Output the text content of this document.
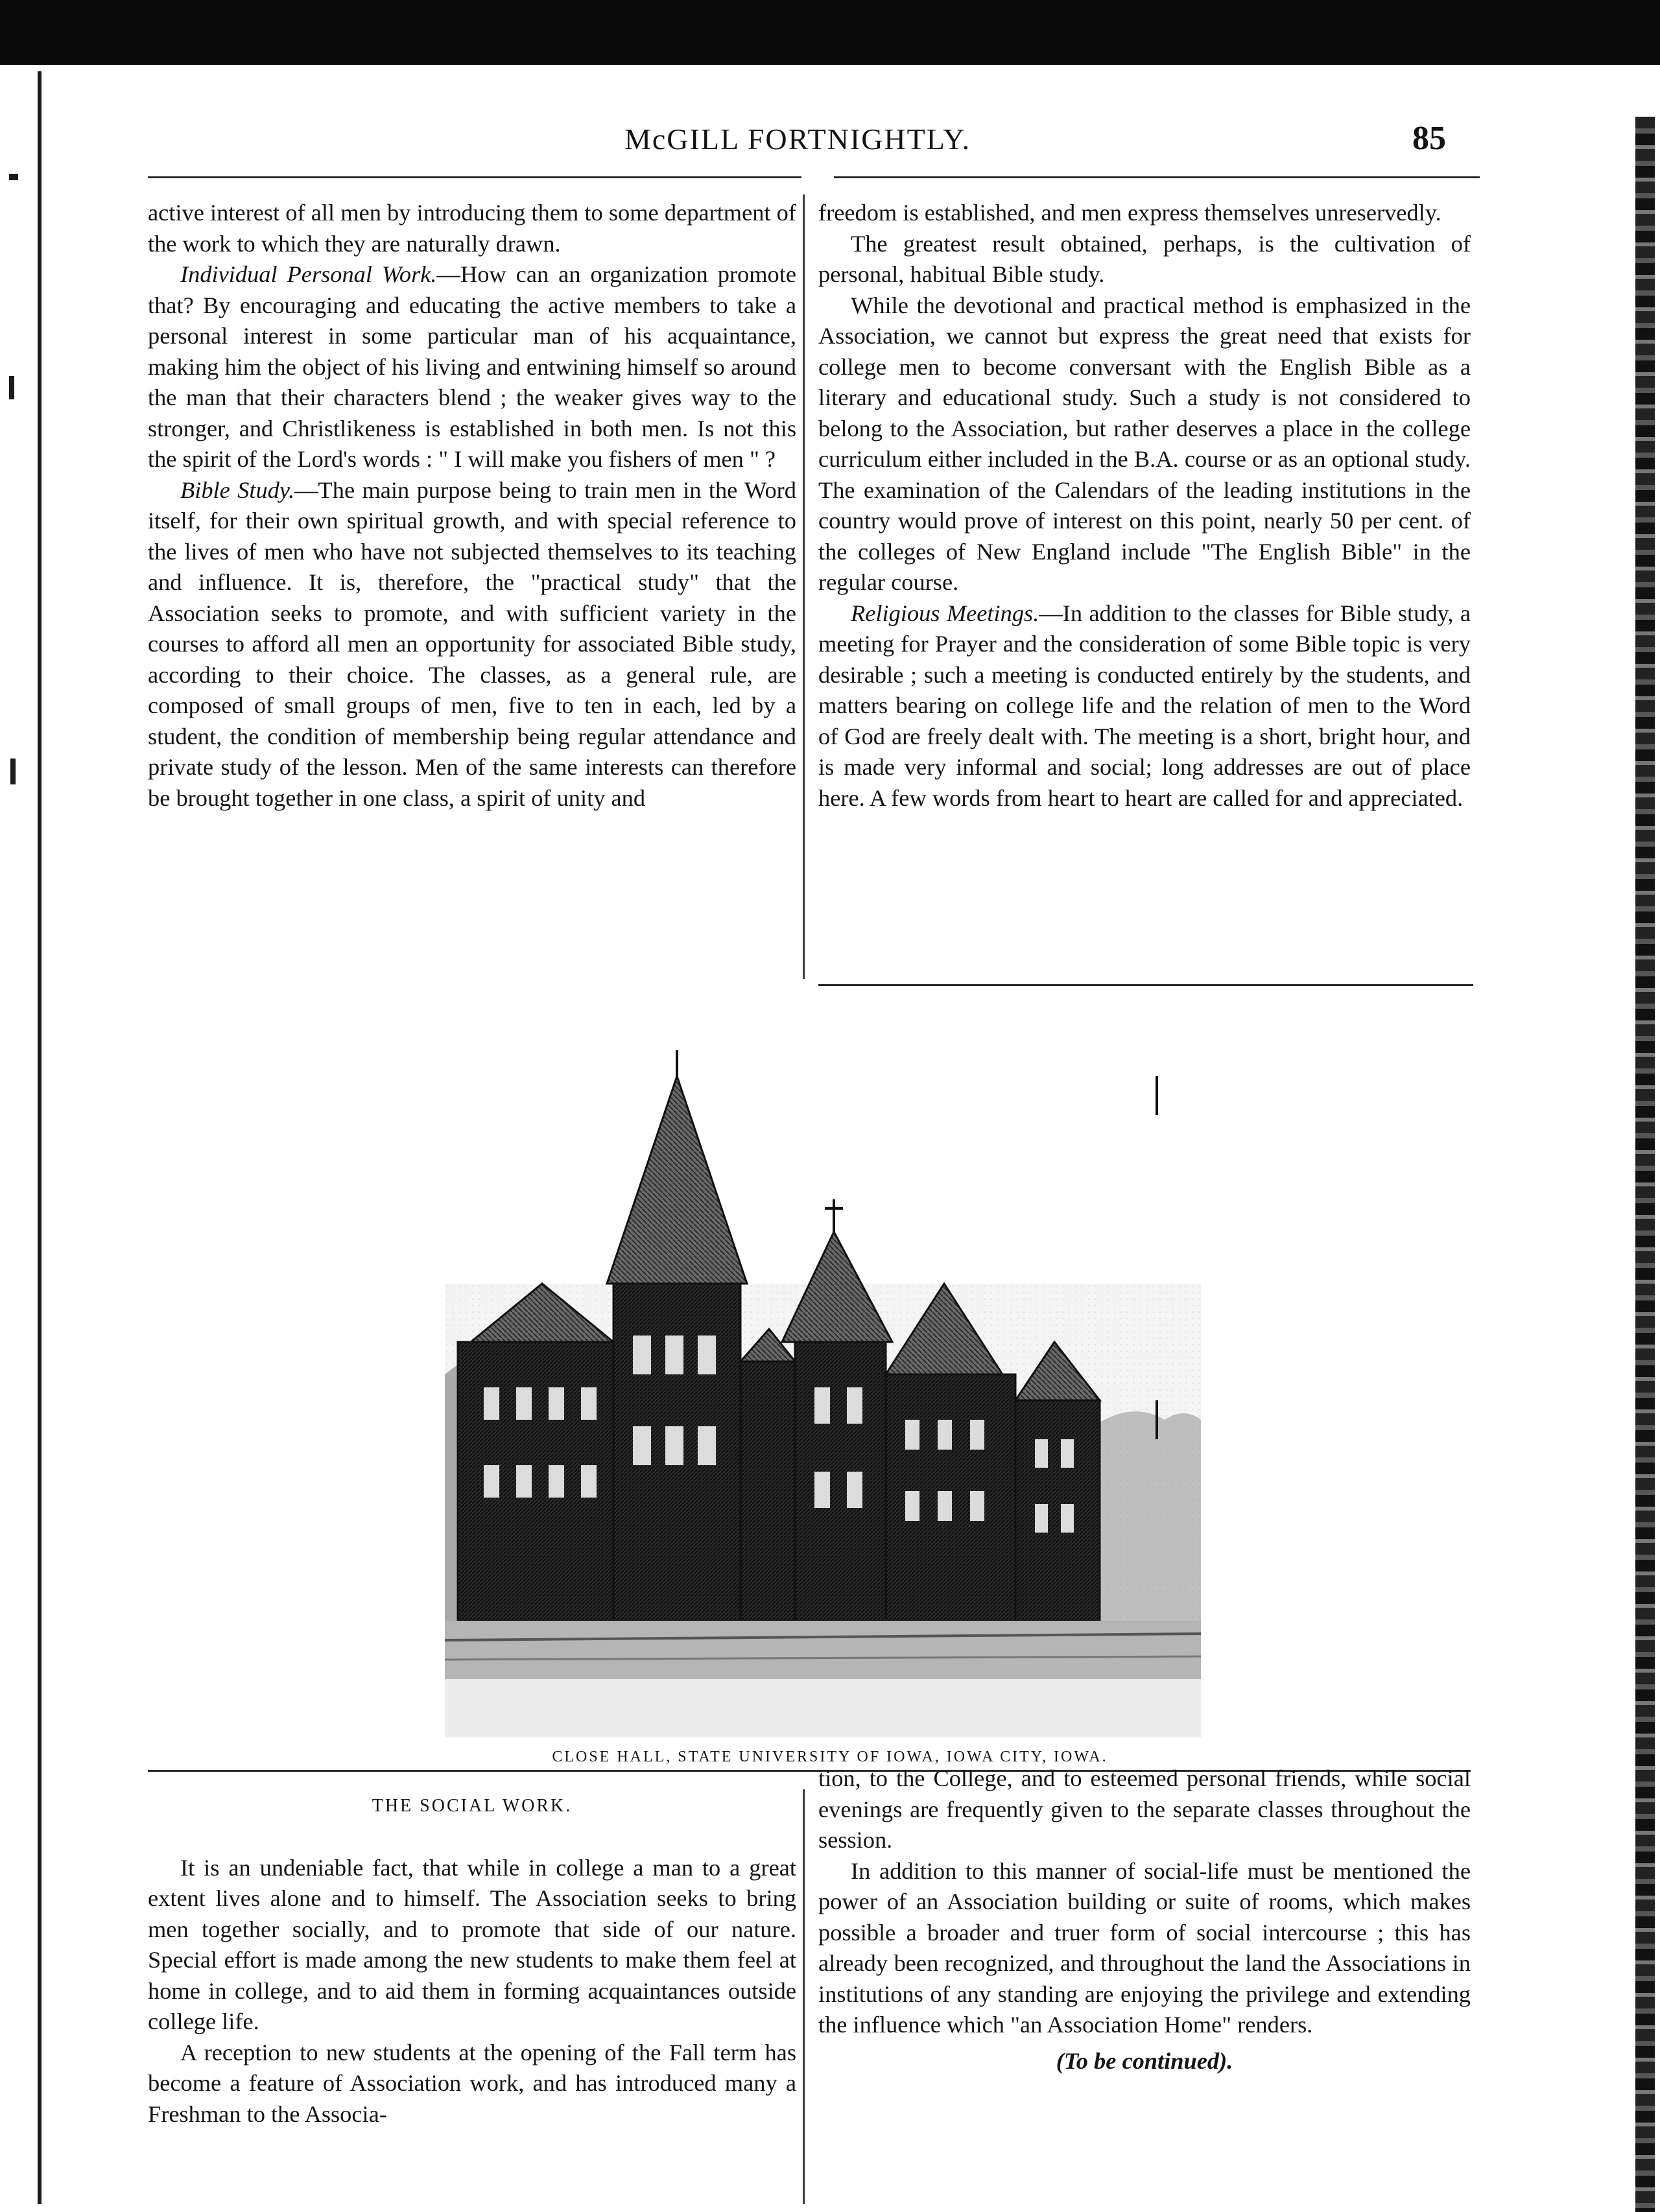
McGILL FORTNIGHTLY.	85

active interest of all men by introducing them to some department of the work to which they are naturally drawn.

Individual Personal Work.—How can an organization promote that? By encouraging and educating the active members to take a personal interest in some particular man of his acquaintance, making him the object of his living and entwining himself so around the man that their characters blend ; the weaker gives way to the stronger, and Christlikeness is established in both men. Is not this the spirit of the Lord's words : " I will make you fishers of men " ?

Bible Study.—The main purpose being to train men in the Word itself, for their own spiritual growth, and with special reference to the lives of men who have not subjected themselves to its teaching and influence. It is, therefore, the "practical study" that the Association seeks to promote, and with sufficient variety in the courses to afford all men an opportunity for associated Bible study, according to their choice. The classes, as a general rule, are composed of small groups of men, five to ten in each, led by a student, the condition of membership being regular attendance and private study of the lesson. Men of the same interests can therefore be brought together in one class, a spirit of unity and

freedom is established, and men express themselves unreservedly.

The greatest result obtained, perhaps, is the cultivation of personal, habitual Bible study.

While the devotional and practical method is emphasized in the Association, we cannot but express the great need that exists for college men to become conversant with the English Bible as a literary and educational study. Such a study is not considered to belong to the Association, but rather deserves a place in the college curriculum either included in the B.A. course or as an optional study. The examination of the Calendars of the leading institutions in the country would prove of interest on this point, nearly 50 per cent. of the colleges of New England include "The English Bible" in the regular course.

Religious Meetings.—In addition to the classes for Bible study, a meeting for Prayer and the consideration of some Bible topic is very desirable ; such a meeting is conducted entirely by the students, and matters bearing on college life and the relation of men to the Word of God are freely dealt with. The meeting is a short, bright hour, and is made very informal and social; long addresses are out of place here. A few words from heart to heart are called for and appreciated.

CLOSE HALL, STATE UNIVERSITY OF IOWA, IOWA CITY, IOWA.
THE SOCIAL WORK.

It is an undeniable fact, that while in college a man to a great extent lives alone and to himself. The Association seeks to bring men together socially, and to promote that side of our nature. Special effort is made among the new students to make them feel at home in college, and to aid them in forming acquaintances outside college life.

A reception to new students at the opening of the Fall term has become a feature of Association work, and has introduced many a Freshman to the Associa-

tion, to the College, and to esteemed personal friends, while social evenings are frequently given to the separate classes throughout the session.

In addition to this manner of social-life must be mentioned the power of an Association building or suite of rooms, which makes possible a broader and truer form of social intercourse ; this has already been recognized, and throughout the land the Associations in institutions of any standing are enjoying the privilege and extending the influence which "an Association Home" renders.

(To be continued).
